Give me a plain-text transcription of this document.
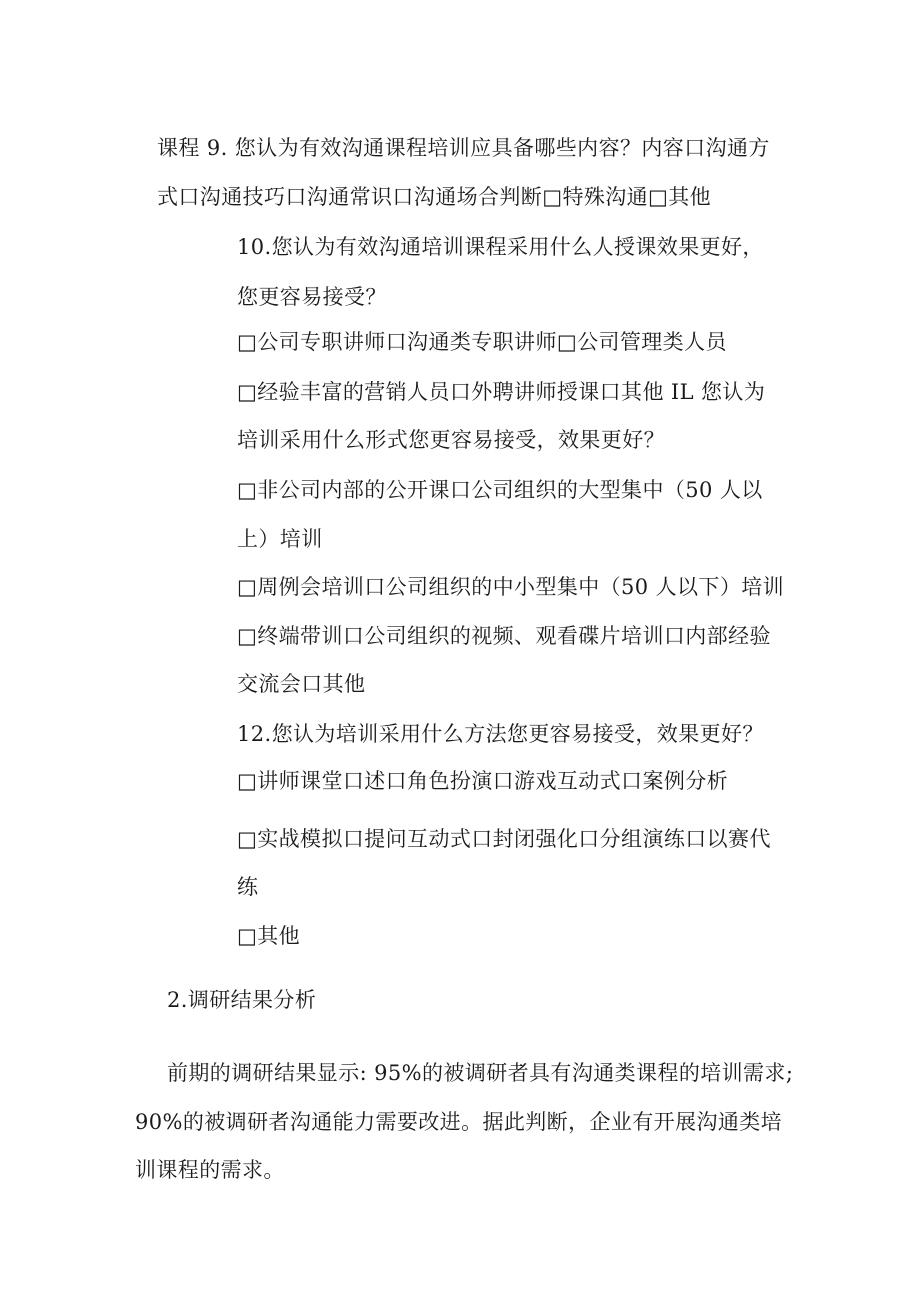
课程 9. 您认为有效沟通课程培训应具备哪些内容？内容口沟通方
式口沟通技巧口沟通常识口沟通场合判断□特殊沟通□其他
10.您认为有效沟通培训课程采用什么人授课效果更好，
您更容易接受？
□公司专职讲师口沟通类专职讲师□公司管理类人员
□经验丰富的营销人员口外聘讲师授课口其他 IL 您认为
培训采用什么形式您更容易接受，效果更好？
□非公司内部的公开课口公司组织的大型集中（50 人以
上）培训
□周例会培训口公司组织的中小型集中（50 人以下）培训
□终端带训口公司组织的视频、观看碟片培训口内部经验
交流会口其他
12.您认为培训采用什么方法您更容易接受，效果更好？
□讲师课堂口述口角色扮演口游戏互动式口案例分析
□实战模拟口提问互动式口封闭强化口分组演练口以赛代
练
□其他
2.调研结果分析
前期的调研结果显示: 95%的被调研者具有沟通类课程的培训需求;
90%的被调研者沟通能力需要改进。据此判断，企业有开展沟通类培
训课程的需求。
